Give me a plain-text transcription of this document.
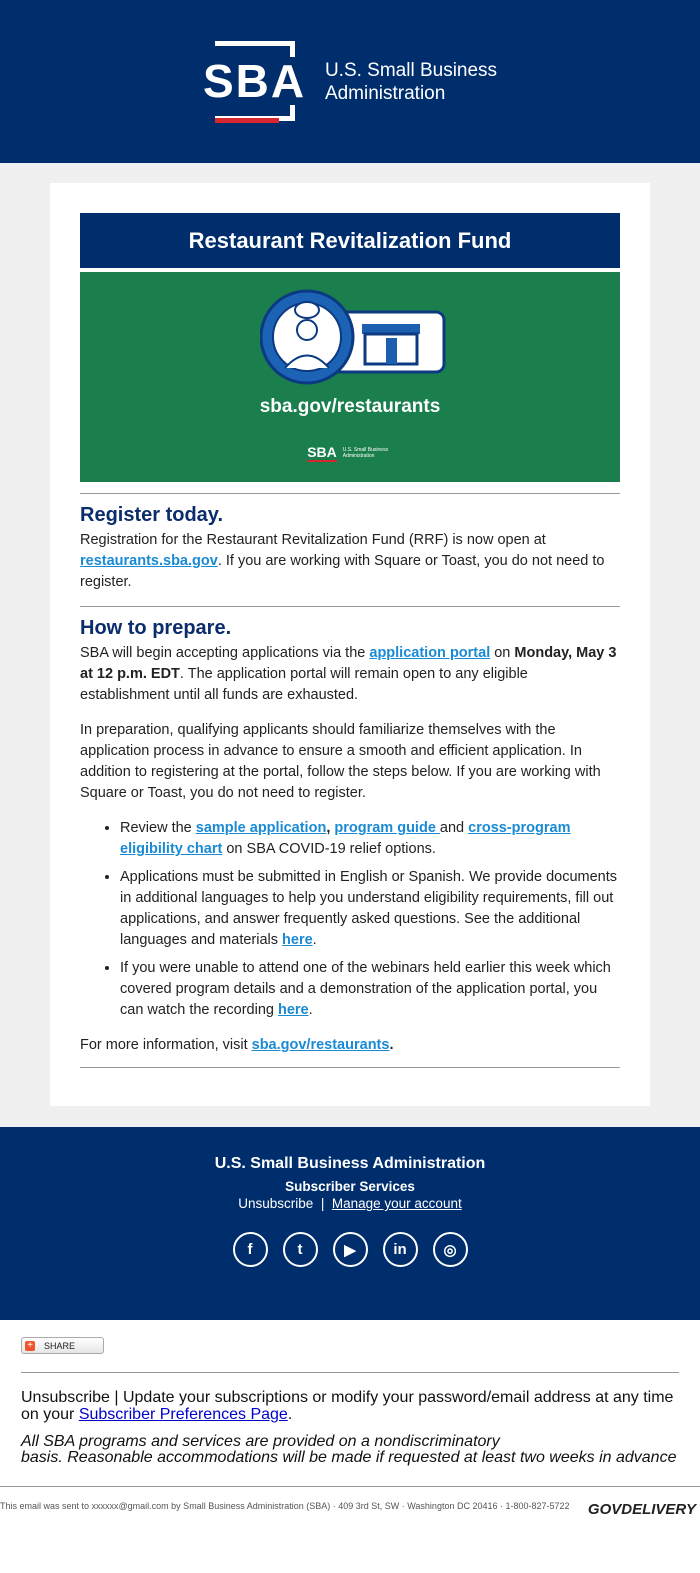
SBA U.S. Small Business
Administration
Restaurant Revitalization Fund
sba.gov/restaurants
SBA U.S. Small Business Administration
Register today.

Registration for the Restaurant Revitalization Fund (RRF) is now open at restaurants.sba.gov. If you are working with Square or Toast, you do not need to register.

How to prepare.

SBA will begin accepting applications via the application portal on Monday, May 3 at 12 p.m. EDT. The application portal will remain open to any eligible establishment until all funds are exhausted.

In preparation, qualifying applicants should familiarize themselves with the application process in advance to ensure a smooth and efficient application. In addition to registering at the portal, follow the steps below. If you are working with Square or Toast, you do not need to register.

• Review the sample application, program guide and cross-program eligibility chart on SBA COVID-19 relief options.
• Applications must be submitted in English or Spanish. We provide documents in additional languages to help you understand eligibility requirements, fill out applications, and answer frequently asked questions. See the additional languages and materials here.
• If you were unable to attend one of the webinars held earlier this week which covered program details and a demonstration of the application portal, you can watch the recording here.

For more information, visit sba.gov/restaurants.

U.S. Small Business Administration
Subscriber Services
Unsubscribe | Manage your account
f	t	▶	in	◎
+ SHARE

Unsubscribe | Update your subscriptions or modify your password/email address at any time on your Subscriber Preferences Page.

All SBA programs and services are provided on a nondiscriminatory
basis. Reasonable accommodations will be made if requested at least two weeks in advance

This email was sent to xxxxxx@gmail.com by Small Business Administration (SBA) · 409 3rd St, SW · Washington DC 20416 · 1-800-827-5722	GOVDELIVERY
